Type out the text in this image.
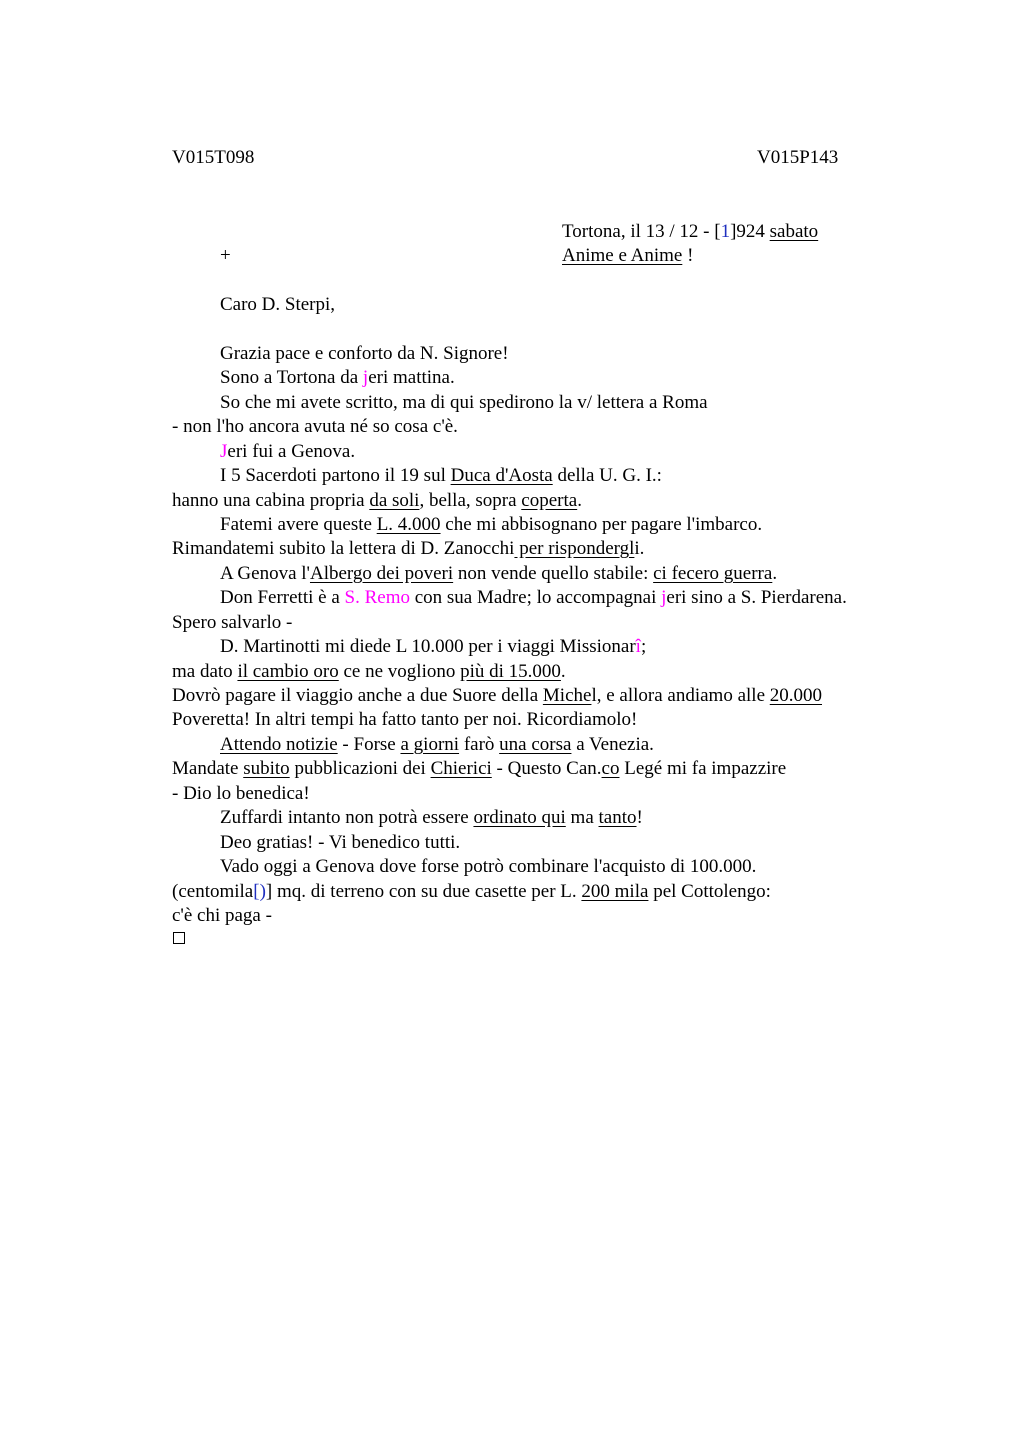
V015T098	V015P143
Tortona, il 13 / 12 - [1]924 sabato
+	Anime e Anime !
Caro D. Sterpi,
Grazia pace e conforto da N. Signore!
Sono a Tortona da jeri mattina.
So che mi avete scritto, ma di qui spedirono la v/ lettera a Roma
- non l'ho ancora avuta né so cosa c'è.
Jeri fui a Genova.
I 5 Sacerdoti partono il 19 sul Duca d'Aosta della U. G. I.:
hanno una cabina propria da soli, bella, sopra coperta.
Fatemi avere queste L. 4.000 che mi abbisognano per pagare l'imbarco.
Rimandatemi subito la lettera di D. Zanocchi per rispondergli.
A Genova l'Albergo dei poveri non vende quello stabile: ci fecero guerra.
Don Ferretti è a S. Remo con sua Madre; lo accompagnai jeri sino a S. Pierdarena.
Spero salvarlo -
D. Martinotti mi diede L 10.000 per i viaggi Missionarî;
ma dato il cambio oro ce ne vogliono più di 15.000.
Dovrò pagare il viaggio anche a due Suore della Michel, e allora andiamo alle 20.000
Poveretta! In altri tempi ha fatto tanto per noi. Ricordiamolo!
Attendo notizie - Forse a giorni farò una corsa a Venezia.
Mandate subito pubblicazioni dei Chierici - Questo Can.co Legé mi fa impazzire
- Dio lo benedica!
Zuffardi intanto non potrà essere ordinato qui ma tanto!
Deo gratias! - Vi benedico tutti.
Vado oggi a Genova dove forse potrò combinare l'acquisto di 100.000.
(centomila[)] mq. di terreno con su due casette per L. 200 mila pel Cottolengo:
c'è chi paga -
